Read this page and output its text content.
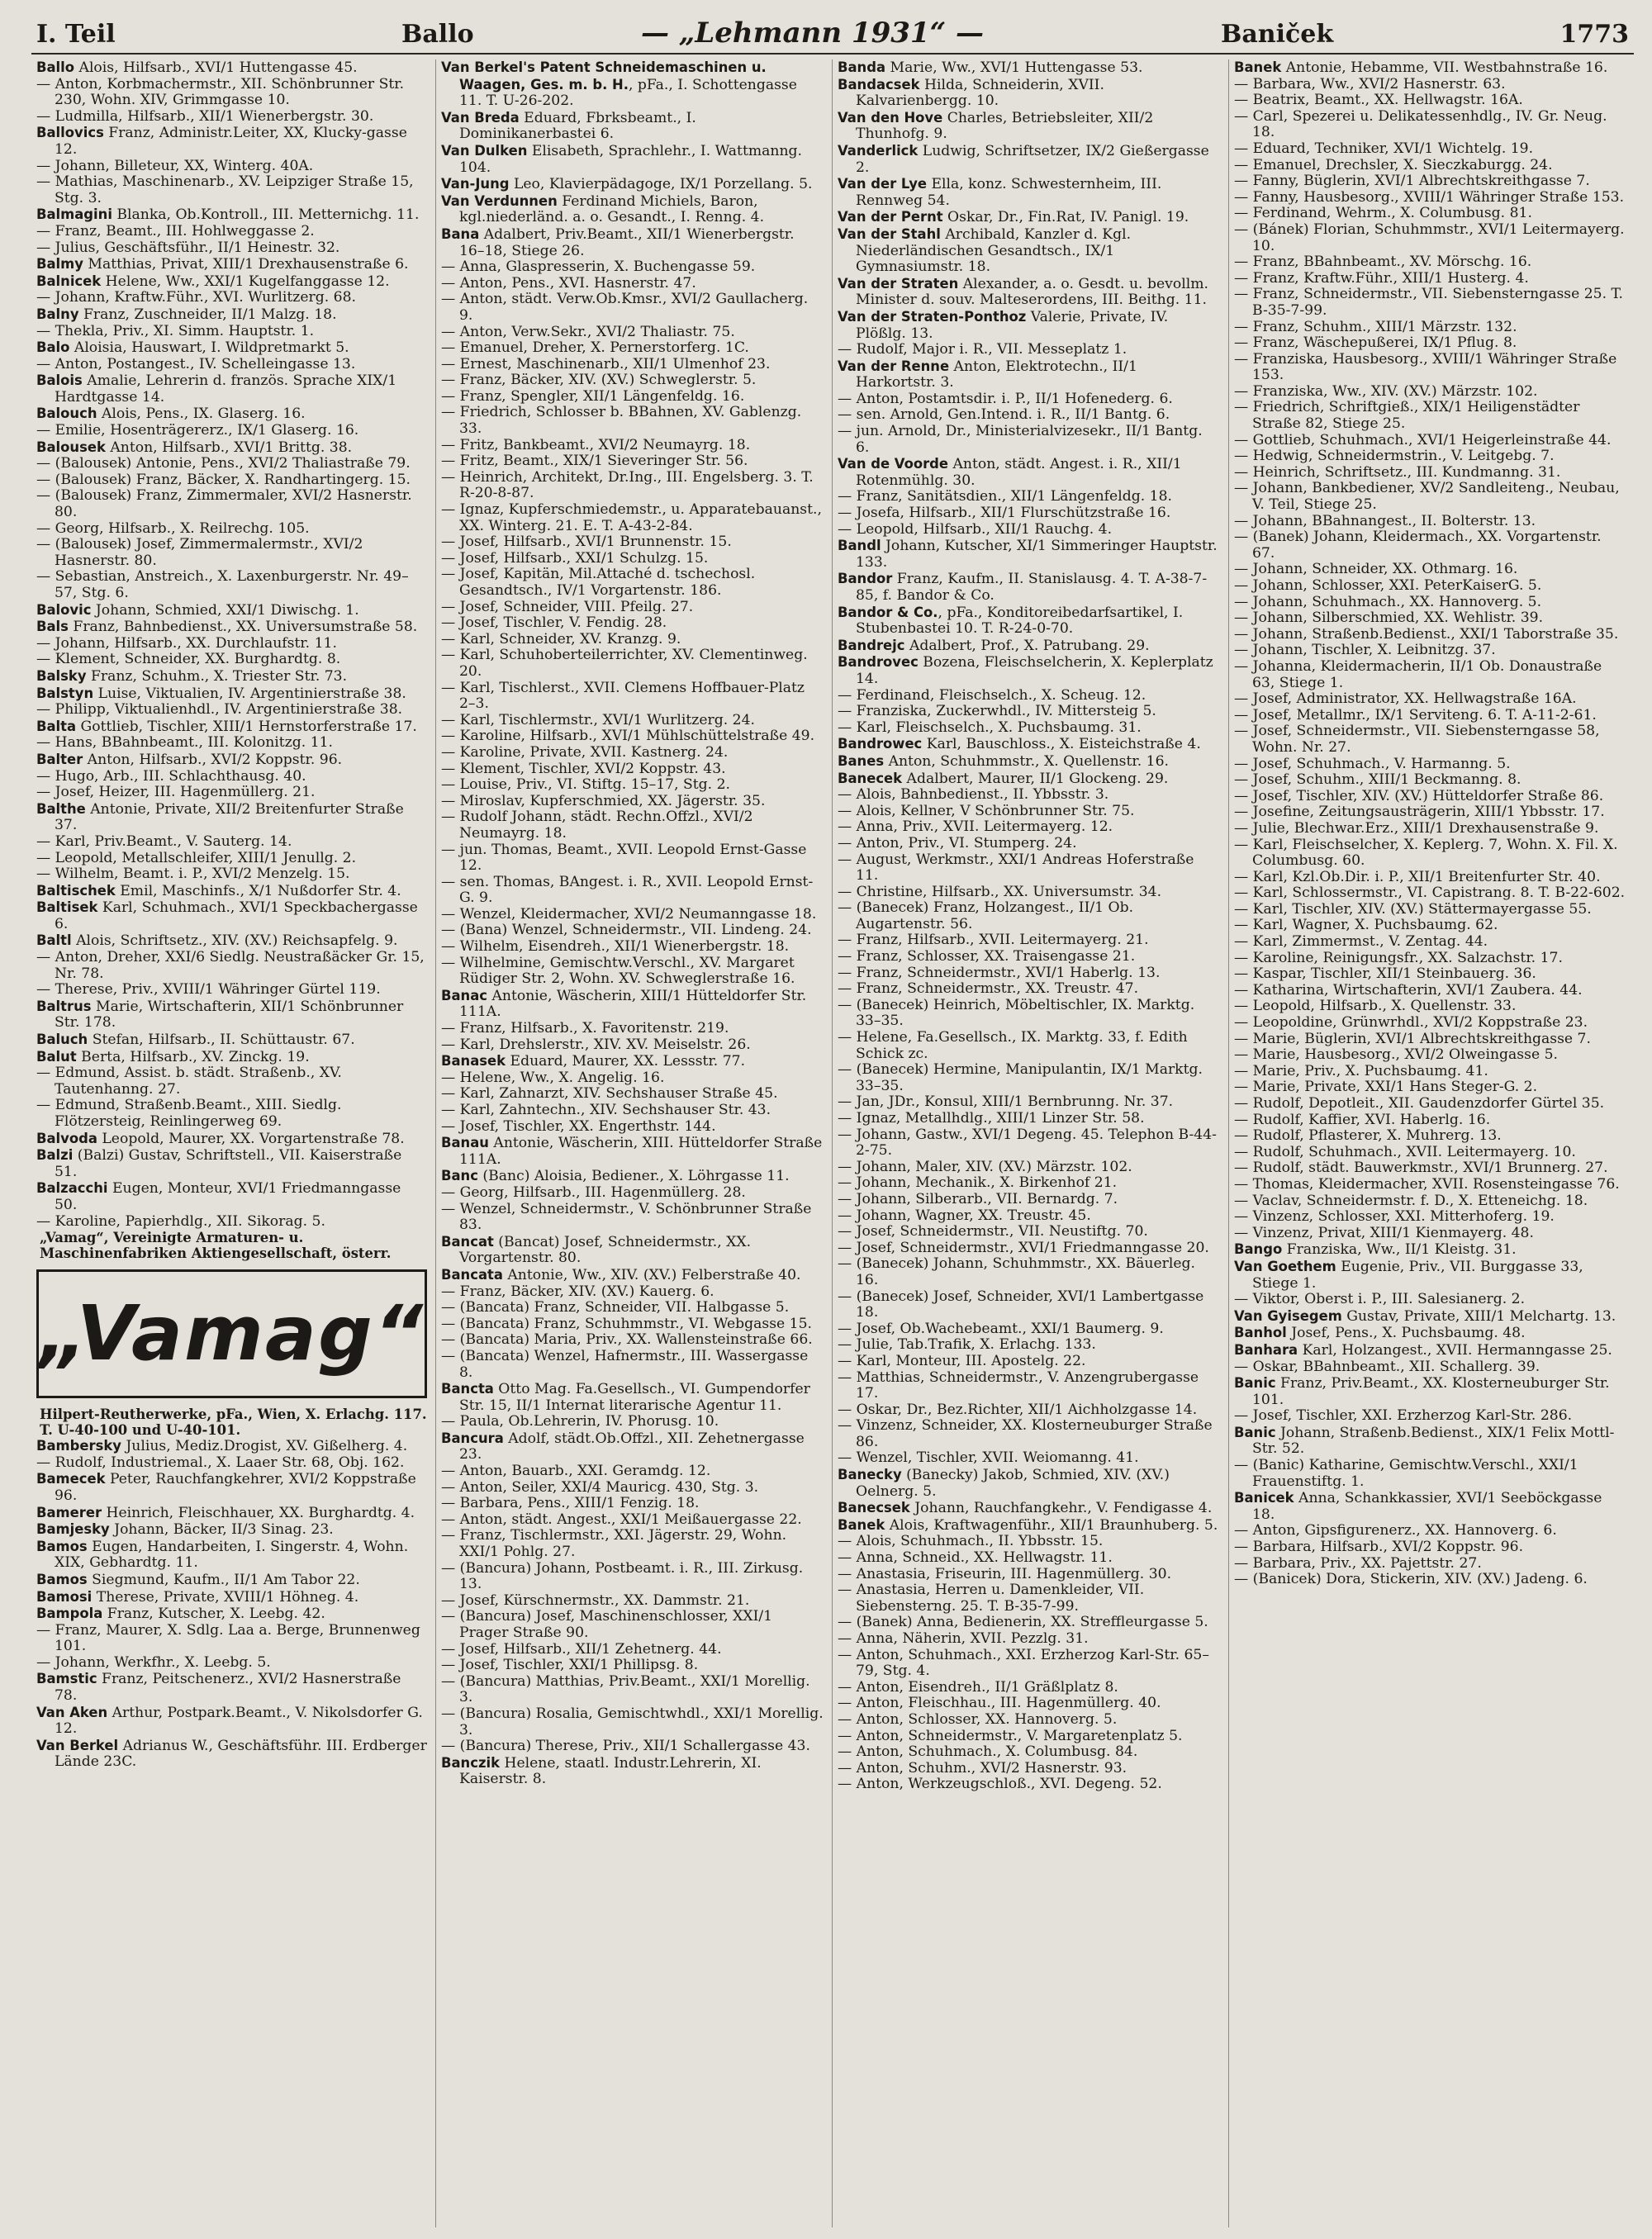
I. Teil	Ballo	— „Lehmann 1931“ —	Baniček	1773

Ballo Alois, Hilfsarb., XVI/1 Huttengasse 45.

— Anton, Korbmachermstr., XII. Schönbrunner Str. 230, Wohn. XIV, Grimmgasse 10.

— Ludmilla, Hilfsarb., XII/1 Wienerbergstr. 30.

Ballovics Franz, Administr.Leiter, XX, Klucky-gasse 12.

— Johann, Billeteur, XX, Winterg. 40A.

— Mathias, Maschinenarb., XV. Leipziger Straße 15, Stg. 3.

Balmagini Blanka, Ob.Kontroll., III. Metternichg. 11.

— Franz, Beamt., III. Hohlweggasse 2.

— Julius, Geschäftsführ., II/1 Heinestr. 32.

Balmy Matthias, Privat, XIII/1 Drexhausenstraße 6.

Balnicek Helene, Ww., XXI/1 Kugelfanggasse 12.

— Johann, Kraftw.Führ., XVI. Wurlitzerg. 68.

Balny Franz, Zuschneider, II/1 Malzg. 18.

— Thekla, Priv., XI. Simm. Hauptstr. 1.

Balo Aloisia, Hauswart, I. Wildpretmarkt 5.

— Anton, Postangest., IV. Schelleingasse 13.

Balois Amalie, Lehrerin d. französ. Sprache XIX/1 Hardtgasse 14.

Balouch Alois, Pens., IX. Glaserg. 16.

— Emilie, Hosenträgererz., IX/1 Glaserg. 16.

Balousek Anton, Hilfsarb., XVI/1 Brittg. 38.

— (Balousek) Antonie, Pens., XVI/2 Thaliastraße 79.

— (Balousek) Franz, Bäcker, X. Randhartingerg. 15.

— (Balousek) Franz, Zimmermaler, XVI/2 Hasnerstr. 80.

— Georg, Hilfsarb., X. Reilrechg. 105.

— (Balousek) Josef, Zimmermalermstr., XVI/2 Hasnerstr. 80.

— Sebastian, Anstreich., X. Laxenburgerstr. Nr. 49–57, Stg. 6.

Balovic Johann, Schmied, XXI/1 Diwischg. 1.

Bals Franz, Bahnbedienst., XX. Universumstraße 58.

— Johann, Hilfsarb., XX. Durchlaufstr. 11.

— Klement, Schneider, XX. Burghardtg. 8.

Balsky Franz, Schuhm., X. Triester Str. 73.

Balstyn Luise, Viktualien, IV. Argentinierstraße 38.

— Philipp, Viktualienhdl., IV. Argentinierstraße 38.

Balta Gottlieb, Tischler, XIII/1 Hernstorferstraße 17.

— Hans, BBahnbeamt., III. Kolonitzg. 11.

Balter Anton, Hilfsarb., XVI/2 Koppstr. 96.

— Hugo, Arb., III. Schlachthausg. 40.

— Josef, Heizer, III. Hagenmüllerg. 21.

Balthe Antonie, Private, XII/2 Breitenfurter Straße 37.

— Karl, Priv.Beamt., V. Sauterg. 14.

— Leopold, Metallschleifer, XIII/1 Jenullg. 2.

— Wilhelm, Beamt. i. P., XVI/2 Menzelg. 15.

Baltischek Emil, Maschinfs., X/1 Nußdorfer Str. 4.

Baltisek Karl, Schuhmach., XVI/1 Speckbachergasse 6.

Baltl Alois, Schriftsetz., XIV. (XV.) Reichsapfelg. 9.

— Anton, Dreher, XXI/6 Siedlg. Neustraßäcker Gr. 15, Nr. 78.

— Therese, Priv., XVIII/1 Währinger Gürtel 119.

Baltrus Marie, Wirtschafterin, XII/1 Schönbrunner Str. 178.

Baluch Stefan, Hilfsarb., II. Schüttaustr. 67.

Balut Berta, Hilfsarb., XV. Zinckg. 19.

— Edmund, Assist. b. städt. Straßenb., XV. Tautenhanng. 27.

— Edmund, Straßenb.Beamt., XIII. Siedlg. Flötzersteig, Reinlingerweg 69.

Balvoda Leopold, Maurer, XX. Vorgartenstraße 78.

Balzi (Balzi) Gustav, Schriftstell., VII. Kaiserstraße 51.

Balzacchi Eugen, Monteur, XVI/1 Friedmanngasse 50.

— Karoline, Papierhdlg., XII. Sikorag. 5.

„Vamag“, Vereinigte Armaturen- u. Maschinenfabriken Aktiengesellschaft, österr.
„Vamag“
Hilpert-Reutherwerke, pFa., Wien, X. Erlachg. 117. T. U-40-100 und U-40-101.

Bambersky Julius, Mediz.Drogist, XV. Gißelherg. 4.

— Rudolf, Industriemal., X. Laaer Str. 68, Obj. 162.

Bamecek Peter, Rauchfangkehrer, XVI/2 Koppstraße 96.

Bamerer Heinrich, Fleischhauer, XX. Burghardtg. 4.

Bamjesky Johann, Bäcker, II/3 Sinag. 23.

Bamos Eugen, Handarbeiten, I. Singerstr. 4, Wohn. XIX, Gebhardtg. 11.

Bamos Siegmund, Kaufm., II/1 Am Tabor 22.

Bamosi Therese, Private, XVIII/1 Höhneg. 4.

Bampola Franz, Kutscher, X. Leebg. 42.

— Franz, Maurer, X. Sdlg. Laa a. Berge, Brunnenweg 101.

— Johann, Werkfhr., X. Leebg. 5.

Bamstic Franz, Peitschenerz., XVI/2 Hasnerstraße 78.

Van Aken Arthur, Postpark.Beamt., V. Nikolsdorfer G. 12.

Van Berkel Adrianus W., Geschäftsführ. III. Erdberger Lände 23C.

Van Berkel's Patent Schneidemaschinen u. Waagen, Ges. m. b. H., pFa., I. Schottengasse 11. T. U-26-202.

Van Breda Eduard, Fbrksbeamt., I. Dominikanerbastei 6.

Van Dulken Elisabeth, Sprachlehr., I. Wattmanng. 104.

Van-Jung Leo, Klavierpädagoge, IX/1 Porzellang. 5.

Van Verdunnen Ferdinand Michiels, Baron, kgl.niederländ. a. o. Gesandt., I. Renng. 4.

Bana Adalbert, Priv.Beamt., XII/1 Wienerbergstr. 16–18, Stiege 26.

— Anna, Glaspresserin, X. Buchengasse 59.

— Anton, Pens., XVI. Hasnerstr. 47.

— Anton, städt. Verw.Ob.Kmsr., XVI/2 Gaullacherg. 9.

— Anton, Verw.Sekr., XVI/2 Thaliastr. 75.

— Emanuel, Dreher, X. Pernerstorferg. 1C.

— Ernest, Maschinenarb., XII/1 Ulmenhof 23.

— Franz, Bäcker, XIV. (XV.) Schweglerstr. 5.

— Franz, Spengler, XII/1 Längenfeldg. 16.

— Friedrich, Schlosser b. BBahnen, XV. Gablenzg. 33.

— Fritz, Bankbeamt., XVI/2 Neumayrg. 18.

— Fritz, Beamt., XIX/1 Sieveringer Str. 56.

— Heinrich, Architekt, Dr.Ing., III. Engelsberg. 3. T. R-20-8-87.

— Ignaz, Kupferschmiedemstr., u. Apparatebauanst., XX. Winterg. 21. E. T. A-43-2-84.

— Josef, Hilfsarb., XVI/1 Brunnenstr. 15.

— Josef, Hilfsarb., XXI/1 Schulzg. 15.

— Josef, Kapitän, Mil.Attaché d. tschechosl. Gesandtsch., IV/1 Vorgartenstr. 186.

— Josef, Schneider, VIII. Pfeilg. 27.

— Josef, Tischler, V. Fendig. 28.

— Karl, Schneider, XV. Kranzg. 9.

— Karl, Schuhoberteilerrichter, XV. Clementinweg. 20.

— Karl, Tischlerst., XVII. Clemens Hoffbauer-Platz 2–3.

— Karl, Tischlermstr., XVI/1 Wurlitzerg. 24.

— Karoline, Hilfsarb., XVI/1 Mühlschüttelstraße 49.

— Karoline, Private, XVII. Kastnerg. 24.

— Klement, Tischler, XVI/2 Koppstr. 43.

— Louise, Priv., VI. Stiftg. 15–17, Stg. 2.

— Miroslav, Kupferschmied, XX. Jägerstr. 35.

— Rudolf Johann, städt. Rechn.Offzl., XVI/2 Neumayrg. 18.

— jun. Thomas, Beamt., XVII. Leopold Ernst-Gasse 12.

— sen. Thomas, BAngest. i. R., XVII. Leopold Ernst-G. 9.

— Wenzel, Kleidermacher, XVI/2 Neumanngasse 18.

— (Bana) Wenzel, Schneidermstr., VII. Lindeng. 24.

— Wilhelm, Eisendreh., XII/1 Wienerbergstr. 18.

— Wilhelmine, Gemischtw.Verschl., XV. Margaret Rüdiger Str. 2, Wohn. XV. Schweglerstraße 16.

Banac Antonie, Wäscherin, XIII/1 Hütteldorfer Str. 111A.

— Franz, Hilfsarb., X. Favoritenstr. 219.

— Karl, Drehslerstr., XIV. XV. Meiselstr. 26.

Banasek Eduard, Maurer, XX. Lessstr. 77.

— Helene, Ww., X. Angelig. 16.

— Karl, Zahnarzt, XIV. Sechshauser Straße 45.

— Karl, Zahntechn., XIV. Sechshauser Str. 43.

— Josef, Tischler, XX. Engerthstr. 144.

Banau Antonie, Wäscherin, XIII. Hütteldorfer Straße 111A.

Banc (Banc) Aloisia, Bediener., X. Löhrgasse 11.

— Georg, Hilfsarb., III. Hagenmüllerg. 28.

— Wenzel, Schneidermstr., V. Schönbrunner Straße 83.

Bancat (Bancat) Josef, Schneidermstr., XX. Vorgartenstr. 80.

Bancata Antonie, Ww., XIV. (XV.) Felberstraße 40.

— Franz, Bäcker, XIV. (XV.) Kauerg. 6.

— (Bancata) Franz, Schneider, VII. Halbgasse 5.

— (Bancata) Franz, Schuhmmstr., VI. Webgasse 15.

— (Bancata) Maria, Priv., XX. Wallensteinstraße 66.

— (Bancata) Wenzel, Hafnermstr., III. Wassergasse 8.

Bancta Otto Mag. Fa.Gesellsch., VI. Gumpendorfer Str. 15, II/1 Internat literarische Agentur 11.

— Paula, Ob.Lehrerin, IV. Phorusg. 10.

Bancura Adolf, städt.Ob.Offzl., XII. Zehetnergasse 23.

— Anton, Bauarb., XXI. Geramdg. 12.

— Anton, Seiler, XXI/4 Mauricg. 430, Stg. 3.

— Barbara, Pens., XIII/1 Fenzig. 18.

— Anton, städt. Angest., XXI/1 Meißauergasse 22.

— Franz, Tischlermstr., XXI. Jägerstr. 29, Wohn. XXI/1 Pohlg. 27.

— (Bancura) Johann, Postbeamt. i. R., III. Zirkusg. 13.

— Josef, Kürschnermstr., XX. Dammstr. 21.

— (Bancura) Josef, Maschinenschlosser, XXI/1 Prager Straße 90.

— Josef, Hilfsarb., XII/1 Zehetnerg. 44.

— Josef, Tischler, XXI/1 Phillipsg. 8.

— (Bancura) Matthias, Priv.Beamt., XXI/1 Morellig. 3.

— (Bancura) Rosalia, Gemischtwhdl., XXI/1 Morellig. 3.

— (Bancura) Therese, Priv., XII/1 Schallergasse 43.

Banczik Helene, staatl. Industr.Lehrerin, XI. Kaiserstr. 8.

Banda Marie, Ww., XVI/1 Huttengasse 53.

Bandacsek Hilda, Schneiderin, XVII. Kalvarienbergg. 10.

Van den Hove Charles, Betriebsleiter, XII/2 Thunhofg. 9.

Vanderlick Ludwig, Schriftsetzer, IX/2 Gießergasse 2.

Van der Lye Ella, konz. Schwesternheim, III. Rennweg 54.

Van der Pernt Oskar, Dr., Fin.Rat, IV. Panigl. 19.

Van der Stahl Archibald, Kanzler d. Kgl. Niederländischen Gesandtsch., IX/1 Gymnasiumstr. 18.

Van der Straten Alexander, a. o. Gesdt. u. bevollm. Minister d. souv. Malteserordens, III. Beithg. 11.

Van der Straten-Ponthoz Valerie, Private, IV. Plößlg. 13.

— Rudolf, Major i. R., VII. Messeplatz 1.

Van der Renne Anton, Elektrotechn., II/1 Harkortstr. 3.

— Anton, Postamtsdir. i. P., II/1 Hofenederg. 6.

— sen. Arnold, Gen.Intend. i. R., II/1 Bantg. 6.

— jun. Arnold, Dr., Ministerialvizesekr., II/1 Bantg. 6.

Van de Voorde Anton, städt. Angest. i. R., XII/1 Rotenmühlg. 30.

— Franz, Sanitätsdien., XII/1 Längenfeldg. 18.

— Josefa, Hilfsarb., XII/1 Flurschützstraße 16.

— Leopold, Hilfsarb., XII/1 Rauchg. 4.

Bandl Johann, Kutscher, XI/1 Simmeringer Hauptstr. 133.

Bandor Franz, Kaufm., II. Stanislausg. 4. T. A-38-7-85, f. Bandor & Co.

Bandor & Co., pFa., Konditoreibedarfsartikel, I. Stubenbastei 10. T. R-24-0-70.

Bandrejc Adalbert, Prof., X. Patrubang. 29.

Bandrovec Bozena, Fleischselcherin, X. Keplerplatz 14.

— Ferdinand, Fleischselch., X. Scheug. 12.

— Franziska, Zuckerwhdl., IV. Mittersteig 5.

— Karl, Fleischselch., X. Puchsbaumg. 31.

Bandrowec Karl, Bauschloss., X. Eisteichstraße 4.

Banes Anton, Schuhmmstr., X. Quellenstr. 16.

Banecek Adalbert, Maurer, II/1 Glockeng. 29.

— Alois, Bahnbedienst., II. Ybbsstr. 3.

— Alois, Kellner, V Schönbrunner Str. 75.

— Anna, Priv., XVII. Leitermayerg. 12.

— Anton, Priv., VI. Stumperg. 24.

— August, Werkmstr., XXI/1 Andreas Hoferstraße 11.

— Christine, Hilfsarb., XX. Universumstr. 34.

— (Banecek) Franz, Holzangest., II/1 Ob. Augartenstr. 56.

— Franz, Hilfsarb., XVII. Leitermayerg. 21.

— Franz, Schlosser, XX. Traisengasse 21.

— Franz, Schneidermstr., XVI/1 Haberlg. 13.

— Franz, Schneidermstr., XX. Treustr. 47.

— (Banecek) Heinrich, Möbeltischler, IX. Marktg. 33–35.

— Helene, Fa.Gesellsch., IX. Marktg. 33, f. Edith Schick zc.

— (Banecek) Hermine, Manipulantin, IX/1 Marktg. 33–35.

— Jan, JDr., Konsul, XIII/1 Bernbrunng. Nr. 37.

— Ignaz, Metallhdlg., XIII/1 Linzer Str. 58.

— Johann, Gastw., XVI/1 Degeng. 45. Telephon B-44-2-75.

— Johann, Maler, XIV. (XV.) Märzstr. 102.

— Johann, Mechanik., X. Birkenhof 21.

— Johann, Silberarb., VII. Bernardg. 7.

— Johann, Wagner, XX. Treustr. 45.

— Josef, Schneidermstr., VII. Neustiftg. 70.

— Josef, Schneidermstr., XVI/1 Friedmanngasse 20.

— (Banecek) Johann, Schuhmmstr., XX. Bäuerleg. 16.

— (Banecek) Josef, Schneider, XVI/1 Lambertgasse 18.

— Josef, Ob.Wachebeamt., XXI/1 Baumerg. 9.

— Julie, Tab.Trafik, X. Erlachg. 133.

— Karl, Monteur, III. Apostelg. 22.

— Matthias, Schneidermstr., V. Anzengrubergasse 17.

— Oskar, Dr., Bez.Richter, XII/1 Aichholzgasse 14.

— Vinzenz, Schneider, XX. Klosterneuburger Straße 86.

— Wenzel, Tischler, XVII. Weiomanng. 41.

Banecky (Banecky) Jakob, Schmied, XIV. (XV.) Oelnerg. 5.

Banecsek Johann, Rauchfangkehr., V. Fendigasse 4.

Banek Alois, Kraftwagenführ., XII/1 Braunhuberg. 5.

— Alois, Schuhmach., II. Ybbsstr. 15.

— Anna, Schneid., XX. Hellwagstr. 11.

— Anastasia, Friseurin, III. Hagenmüllerg. 30.

— Anastasia, Herren u. Damenkleider, VII. Siebensterng. 25. T. B-35-7-99.

— (Banek) Anna, Bedienerin, XX. Streffleurgasse 5.

— Anna, Näherin, XVII. Pezzlg. 31.

— Anton, Schuhmach., XXI. Erzherzog Karl-Str. 65–79, Stg. 4.

— Anton, Eisendreh., II/1 Gräßlplatz 8.

— Anton, Fleischhau., III. Hagenmüllerg. 40.

— Anton, Schlosser, XX. Hannoverg. 5.

— Anton, Schneidermstr., V. Margaretenplatz 5.

— Anton, Schuhmach., X. Columbusg. 84.

— Anton, Schuhm., XVI/2 Hasnerstr. 93.

— Anton, Werkzeugschloß., XVI. Degeng. 52.

Banek Antonie, Hebamme, VII. Westbahnstraße 16.

— Barbara, Ww., XVI/2 Hasnerstr. 63.

— Beatrix, Beamt., XX. Hellwagstr. 16A.

— Carl, Spezerei u. Delikatessenhdlg., IV. Gr. Neug. 18.

— Eduard, Techniker, XVI/1 Wichtelg. 19.

— Emanuel, Drechsler, X. Sieczkaburgg. 24.

— Fanny, Büglerin, XVI/1 Albrechtskreithgasse 7.

— Fanny, Hausbesorg., XVIII/1 Währinger Straße 153.

— Ferdinand, Wehrm., X. Columbusg. 81.

— (Bánek) Florian, Schuhmmstr., XVI/1 Leitermayerg. 10.

— Franz, BBahnbeamt., XV. Mörschg. 16.

— Franz, Kraftw.Führ., XIII/1 Husterg. 4.

— Franz, Schneidermstr., VII. Siebensterngasse 25. T. B-35-7-99.

— Franz, Schuhm., XIII/1 Märzstr. 132.

— Franz, Wäschepußerei, IX/1 Pflug. 8.

— Franziska, Hausbesorg., XVIII/1 Währinger Straße 153.

— Franziska, Ww., XIV. (XV.) Märzstr. 102.

— Friedrich, Schriftgieß., XIX/1 Heiligenstädter Straße 82, Stiege 25.

— Gottlieb, Schuhmach., XVI/1 Heigerleinstraße 44.

— Hedwig, Schneidermstrin., V. Leitgebg. 7.

— Heinrich, Schriftsetz., III. Kundmanng. 31.

— Johann, Bankbediener, XV/2 Sandleiteng., Neubau, V. Teil, Stiege 25.

— Johann, BBahnangest., II. Bolterstr. 13.

— (Banek) Johann, Kleidermach., XX. Vorgartenstr. 67.

— Johann, Schneider, XX. Othmarg. 16.

— Johann, Schlosser, XXI. PeterKaiserG. 5.

— Johann, Schuhmach., XX. Hannoverg. 5.

— Johann, Silberschmied, XX. Wehlistr. 39.

— Johann, Straßenb.Bedienst., XXI/1 Taborstraße 35.

— Johann, Tischler, X. Leibnitzg. 37.

— Johanna, Kleidermacherin, II/1 Ob. Donaustraße 63, Stiege 1.

— Josef, Administrator, XX. Hellwagstraße 16A.

— Josef, Metallmr., IX/1 Serviteng. 6. T. A-11-2-61.

— Josef, Schneidermstr., VII. Siebensterngasse 58, Wohn. Nr. 27.

— Josef, Schuhmach., V. Harmanng. 5.

— Josef, Schuhm., XIII/1 Beckmanng. 8.

— Josef, Tischler, XIV. (XV.) Hütteldorfer Straße 86.

— Josefine, Zeitungsausträgerin, XIII/1 Ybbsstr. 17.

— Julie, Blechwar.Erz., XIII/1 Drexhausenstraße 9.

— Karl, Fleischselcher, X. Keplerg. 7, Wohn. X. Fil. X. Columbusg. 60.

— Karl, Kzl.Ob.Dir. i. P., XII/1 Breitenfurter Str. 40.

— Karl, Schlossermstr., VI. Capistrang. 8. T. B-22-602.

— Karl, Tischler, XIV. (XV.) Stättermayergasse 55.

— Karl, Wagner, X. Puchsbaumg. 62.

— Karl, Zimmermst., V. Zentag. 44.

— Karoline, Reinigungsfr., XX. Salzachstr. 17.

— Kaspar, Tischler, XII/1 Steinbauerg. 36.

— Katharina, Wirtschafterin, XVI/1 Zaubera. 44.

— Leopold, Hilfsarb., X. Quellenstr. 33.

— Leopoldine, Grünwrhdl., XVI/2 Koppstraße 23.

— Marie, Büglerin, XVI/1 Albrechtskreithgasse 7.

— Marie, Hausbesorg., XVI/2 Olweingasse 5.

— Marie, Priv., X. Puchsbaumg. 41.

— Marie, Private, XXI/1 Hans Steger-G. 2.

— Rudolf, Depotleit., XII. Gaudenzdorfer Gürtel 35.

— Rudolf, Kaffier, XVI. Haberlg. 16.

— Rudolf, Pflasterer, X. Muhrerg. 13.

— Rudolf, Schuhmach., XVII. Leitermayerg. 10.

— Rudolf, städt. Bauwerkmstr., XVI/1 Brunnerg. 27.

— Thomas, Kleidermacher, XVII. Rosensteingasse 76.

— Vaclav, Schneidermstr. f. D., X. Etteneichg. 18.

— Vinzenz, Schlosser, XXI. Mitterhoferg. 19.

— Vinzenz, Privat, XIII/1 Kienmayerg. 48.

Bango Franziska, Ww., II/1 Kleistg. 31.

Van Goethem Eugenie, Priv., VII. Burggasse 33, Stiege 1.

— Viktor, Oberst i. P., III. Salesianerg. 2.

Van Gyisegem Gustav, Private, XIII/1 Melchartg. 13.

Banhol Josef, Pens., X. Puchsbaumg. 48.

Banhara Karl, Holzangest., XVII. Hermanngasse 25.

— Oskar, BBahnbeamt., XII. Schallerg. 39.

Banic Franz, Priv.Beamt., XX. Klosterneuburger Str. 101.

— Josef, Tischler, XXI. Erzherzog Karl-Str. 286.

Banic Johann, Straßenb.Bedienst., XIX/1 Felix Mottl-Str. 52.

— (Banic) Katharine, Gemischtw.Verschl., XXI/1 Frauenstiftg. 1.

Banicek Anna, Schankkassier, XVI/1 Seeböckgasse 18.

— Anton, Gipsfigurenerz., XX. Hannoverg. 6.

— Barbara, Hilfsarb., XVI/2 Koppstr. 96.

— Barbara, Priv., XX. Pajettstr. 27.

— (Banicek) Dora, Stickerin, XIV. (XV.) Jadeng. 6.
